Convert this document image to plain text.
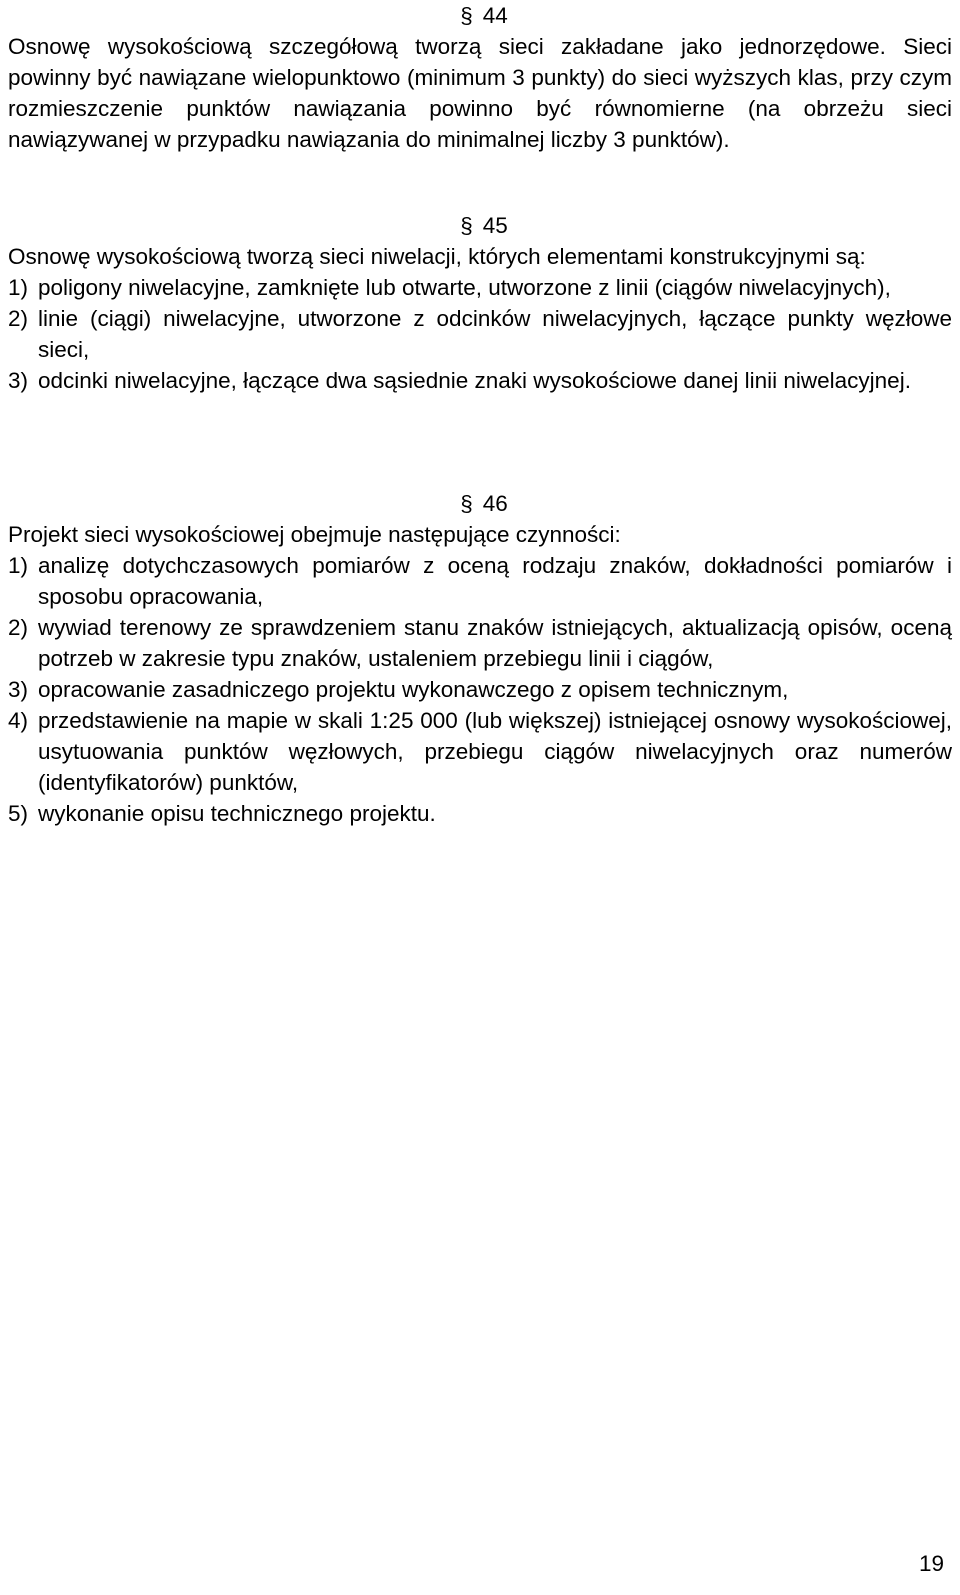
§ 44

Osnowę wysokościową szczegółową tworzą sieci zakładane jako jednorzędowe. Sieci powinny być nawiązane wielopunktowo (minimum 3 punkty) do sieci wyższych klas, przy czym rozmieszczenie punktów nawiązania powinno być równomierne (na obrzeżu sieci nawiązywanej w przypadku nawiązania do minimalnej liczby 3 punktów).

§ 45

Osnowę wysokościową tworzą sieci niwelacji, których elementami konstrukcyjnymi są:

1) poligony niwelacyjne, zamknięte lub otwarte, utworzone z linii (ciągów niwelacyjnych),
2) linie (ciągi) niwelacyjne, utworzone z odcinków niwelacyjnych, łączące punkty węzłowe sieci,
3) odcinki niwelacyjne, łączące dwa sąsiednie znaki wysokościowe danej linii niwelacyjnej.
§ 46

Projekt sieci wysokościowej obejmuje następujące czynności:

1) analizę dotychczasowych pomiarów z oceną rodzaju znaków, dokładności pomiarów i sposobu opracowania,
2) wywiad terenowy ze sprawdzeniem stanu znaków istniejących, aktualizacją opisów, oceną potrzeb w zakresie typu znaków, ustaleniem przebiegu linii i ciągów,
3) opracowanie zasadniczego projektu wykonawczego z opisem technicznym,
4) przedstawienie na mapie w skali 1:25 000 (lub większej) istniejącej osnowy wysokościowej, usytuowania punktów węzłowych, przebiegu ciągów niwelacyjnych oraz numerów (identyfikatorów) punktów,
5) wykonanie opisu technicznego projektu.
19
